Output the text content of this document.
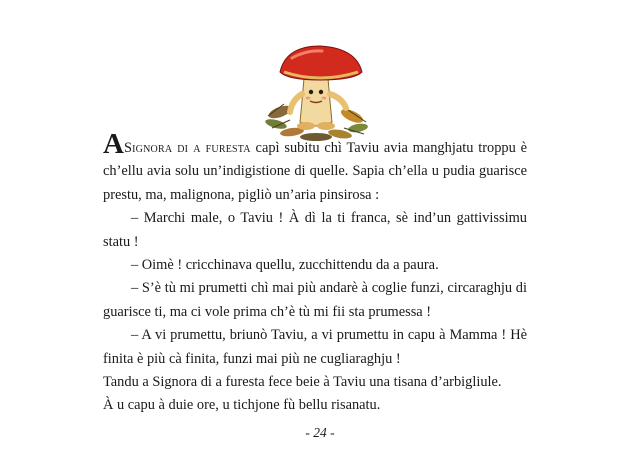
ASignora di a furesta capì subitu chì Taviu avia manghjatu troppu è ch’ellu avia solu un’indigistione di quelle. Sapia ch’ella u pudia guarisce prestu, ma, malignona, pigliò un’aria pinsirosa :

– Marchi male, o Taviu ! À dì la ti franca, sè ind’un gattivissimu statu !

– Oimè ! cricchinava quellu, zucchittendu da a paura.

– S’è tù mi prumetti chì mai più andarè à coglie funzi, circaraghju di guarisce ti, ma ci vole prima ch’è tù mi fii sta prumessa !

– A vi prumettu, briunò Taviu, a vi prumettu in capu à Mamma ! Hè finita è più cà finita, funzi mai più ne cugliaraghju !

Tandu a Signora di a furesta fece beie à Taviu una tisana d’arbigliule.

À u capu à duie ore, u tichjone fù bellu risanatu.

- 24 -
